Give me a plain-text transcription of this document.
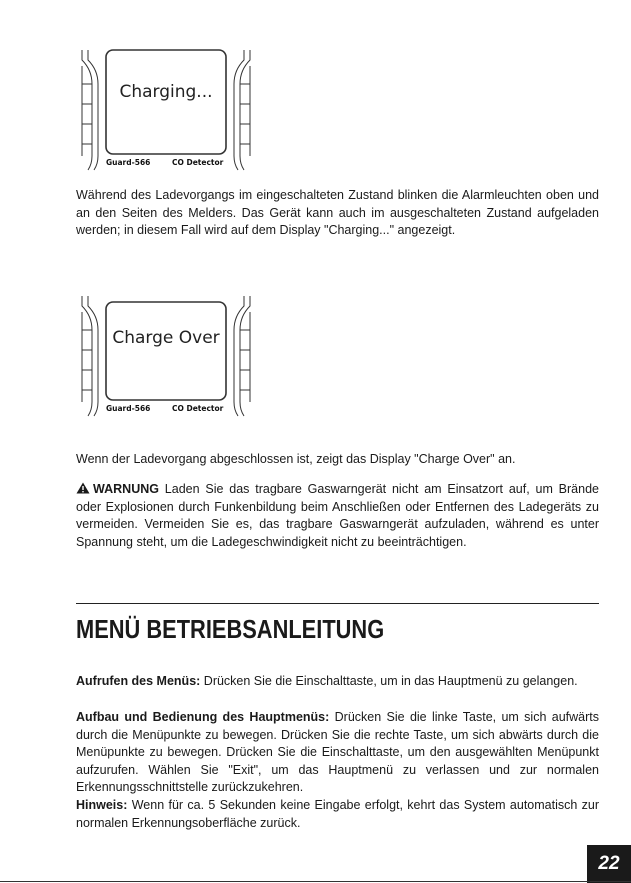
Charging...
Guard-566	CO Detector

Während des Ladevorgangs im eingeschalteten Zustand blinken die Alarmleuchten oben und an den Seiten des Melders. Das Gerät kann auch im ausgeschalteten Zustand aufgeladen werden; in diesem Fall wird auf dem Display "Charging..." angezeigt.

Charge Over
Guard-566	CO Detector

Wenn der Ladevorgang abgeschlossen ist, zeigt das Display "Charge Over" an.

WARNUNG Laden Sie das tragbare Gaswarngerät nicht am Einsatzort auf, um Brände oder Explosionen durch Funkenbildung beim Anschließen oder Entfernen des Ladegeräts zu vermeiden. Vermeiden Sie es, das tragbare Gaswarngerät aufzuladen, während es unter Spannung steht, um die Ladegeschwindigkeit nicht zu beeinträchtigen.

MENÜ BETRIEBSANLEITUNG

Aufrufen des Menüs: Drücken Sie die Einschalttaste, um in das Hauptmenü zu gelangen.

Aufbau und Bedienung des Hauptmenüs: Drücken Sie die linke Taste, um sich aufwärts durch die Menüpunkte zu bewegen. Drücken Sie die rechte Taste, um sich abwärts durch die Menüpunkte zu bewegen. Drücken Sie die Einschalttaste, um den ausgewählten Menüpunkt aufzurufen. Wählen Sie "Exit", um das Hauptmenü zu verlassen und zur normalen Erkennungsschnittstelle zurückzukehren.

Hinweis: Wenn für ca. 5 Sekunden keine Eingabe erfolgt, kehrt das System automatisch zur normalen Erkennungsoberfläche zurück.

22
